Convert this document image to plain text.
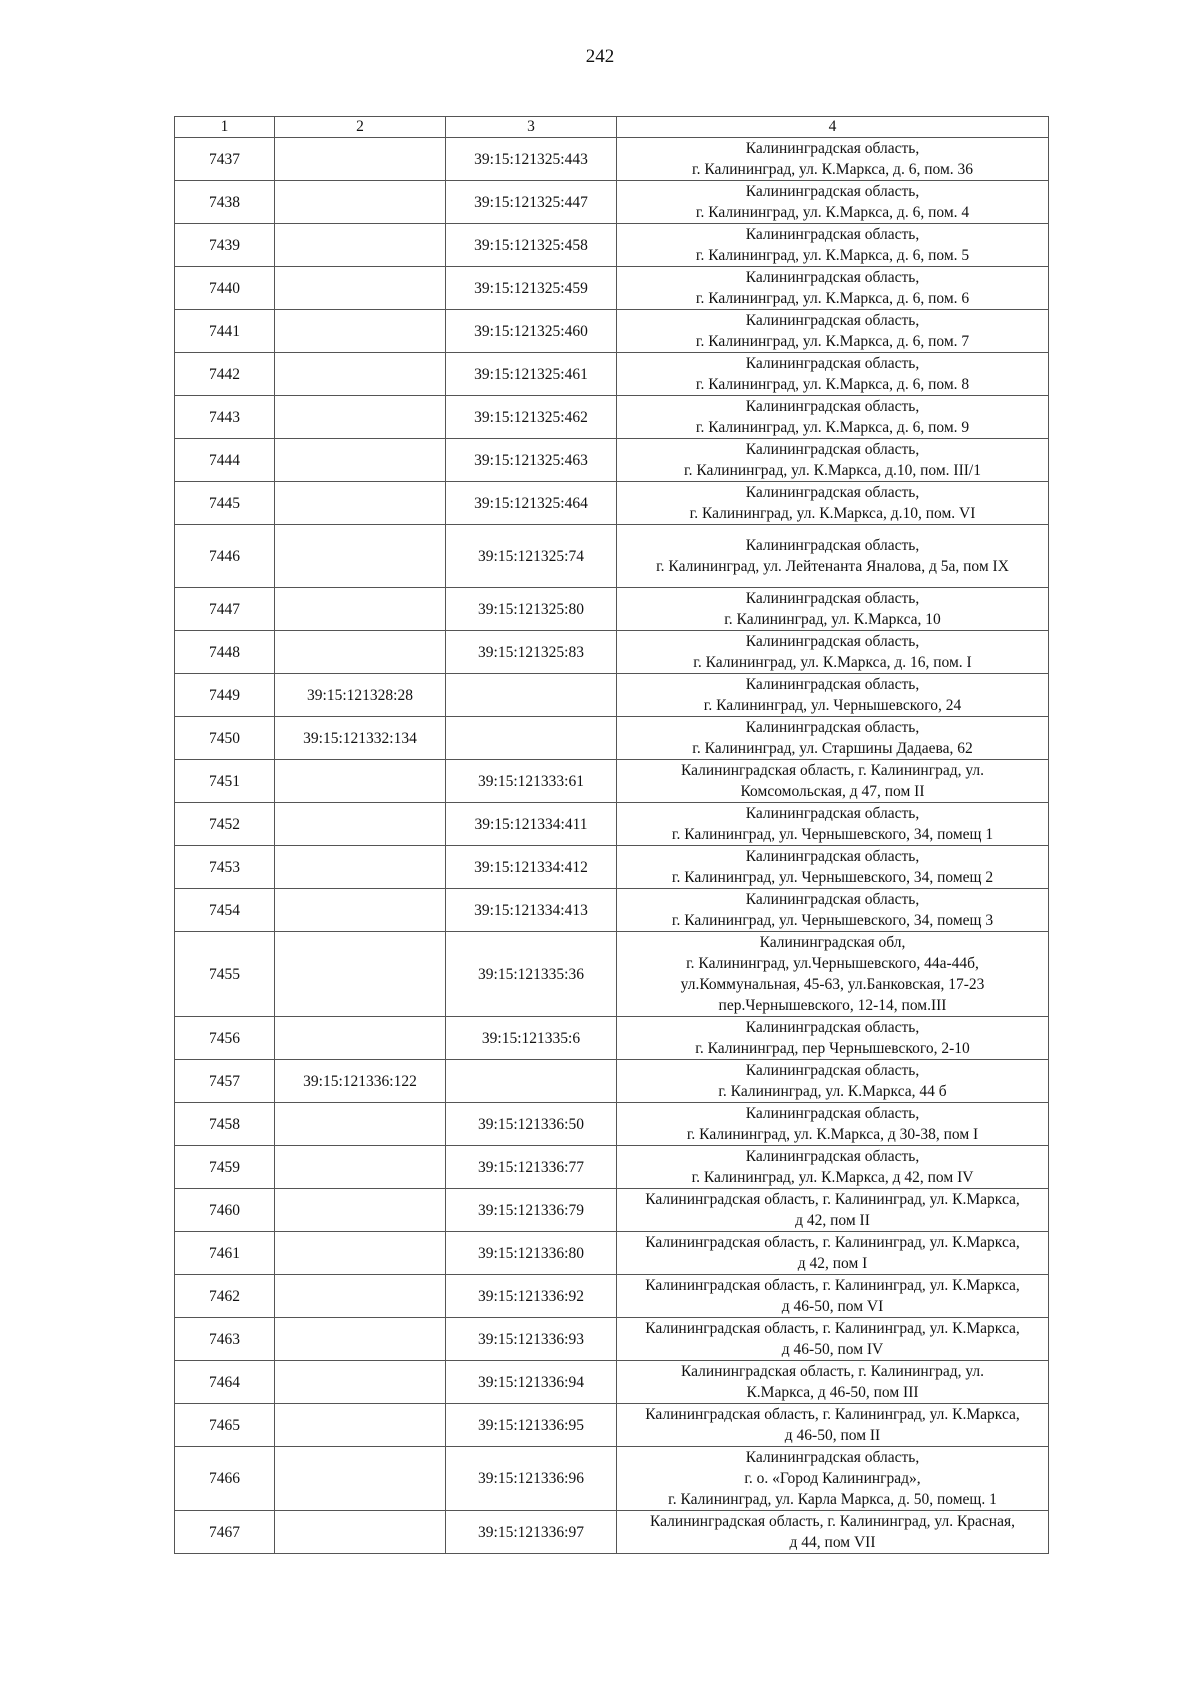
242
1	2	3	4
7437		39:15:121325:443	Калининградская область,
г. Калининград, ул. К.Маркса, д. 6, пом. 36

7438		39:15:121325:447	Калининградская область,
г. Калининград, ул. К.Маркса, д. 6, пом. 4

7439		39:15:121325:458	Калининградская область,
г. Калининград, ул. К.Маркса, д. 6, пом. 5

7440		39:15:121325:459	Калининградская область,
г. Калининград, ул. К.Маркса, д. 6, пом. 6

7441		39:15:121325:460	Калининградская область,
г. Калининград, ул. К.Маркса, д. 6, пом. 7

7442		39:15:121325:461	Калининградская область,
г. Калининград, ул. К.Маркса, д. 6, пом. 8

7443		39:15:121325:462	Калининградская область,
г. Калининград, ул. К.Маркса, д. 6, пом. 9

7444		39:15:121325:463	Калининградская область,
г. Калининград, ул. К.Маркса, д.10, пом. III/1

7445		39:15:121325:464	Калининградская область,
г. Калининград, ул. К.Маркса, д.10, пом. VI

7446		39:15:121325:74	Калининградская область,
г. Калининград, ул. Лейтенанта Яналова, д 5а, пом IX

7447		39:15:121325:80	Калининградская область,
г. Калининград, ул. К.Маркса, 10

7448		39:15:121325:83	Калининградская область,
г. Калининград, ул. К.Маркса, д. 16, пом. I

7449	39:15:121328:28		Калининградская область,
г. Калининград, ул. Чернышевского, 24

7450	39:15:121332:134		Калининградская область,
г. Калининград, ул. Старшины Дадаева, 62

7451		39:15:121333:61	Калининградская область, г. Калининград, ул.
Комсомольская, д 47, пом II

7452		39:15:121334:411	Калининградская область,
г. Калининград, ул. Чернышевского, 34, помещ 1

7453		39:15:121334:412	Калининградская область,
г. Калининград, ул. Чернышевского, 34, помещ 2

7454		39:15:121334:413	Калининградская область,
г. Калининград, ул. Чернышевского, 34, помещ 3

7455		39:15:121335:36	Калининградская обл,
г. Калининград, ул.Чернышевского, 44а-44б,
ул.Коммунальная, 45-63, ул.Банковская, 17-23
пер.Чернышевского, 12-14, пом.III

7456		39:15:121335:6	Калининградская область,
г. Калининград, пер Чернышевского, 2-10

7457	39:15:121336:122		Калининградская область,
г. Калининград, ул. К.Маркса, 44 б

7458		39:15:121336:50	Калининградская область,
г. Калининград, ул. К.Маркса, д 30-38, пом I

7459		39:15:121336:77	Калининградская область,
г. Калининград, ул. К.Маркса, д 42, пом IV

7460		39:15:121336:79	Калининградская область, г. Калининград, ул. К.Маркса,
д 42, пом II

7461		39:15:121336:80	Калининградская область, г. Калининград, ул. К.Маркса,
д 42, пом I

7462		39:15:121336:92	Калининградская область, г. Калининград, ул. К.Маркса,
д 46-50, пом VI

7463		39:15:121336:93	Калининградская область, г. Калининград, ул. К.Маркса,
д 46-50, пом IV

7464		39:15:121336:94	Калининградская область, г. Калининград, ул.
К.Маркса, д 46-50, пом III

7465		39:15:121336:95	Калининградская область, г. Калининград, ул. К.Маркса,
д 46-50, пом II

7466		39:15:121336:96	Калининградская область,
г. о. «Город Калининград»,
г. Калининград, ул. Карла Маркса, д. 50, помещ. 1

7467		39:15:121336:97	Калининградская область, г. Калининград, ул. Красная,
д 44, пом VII
